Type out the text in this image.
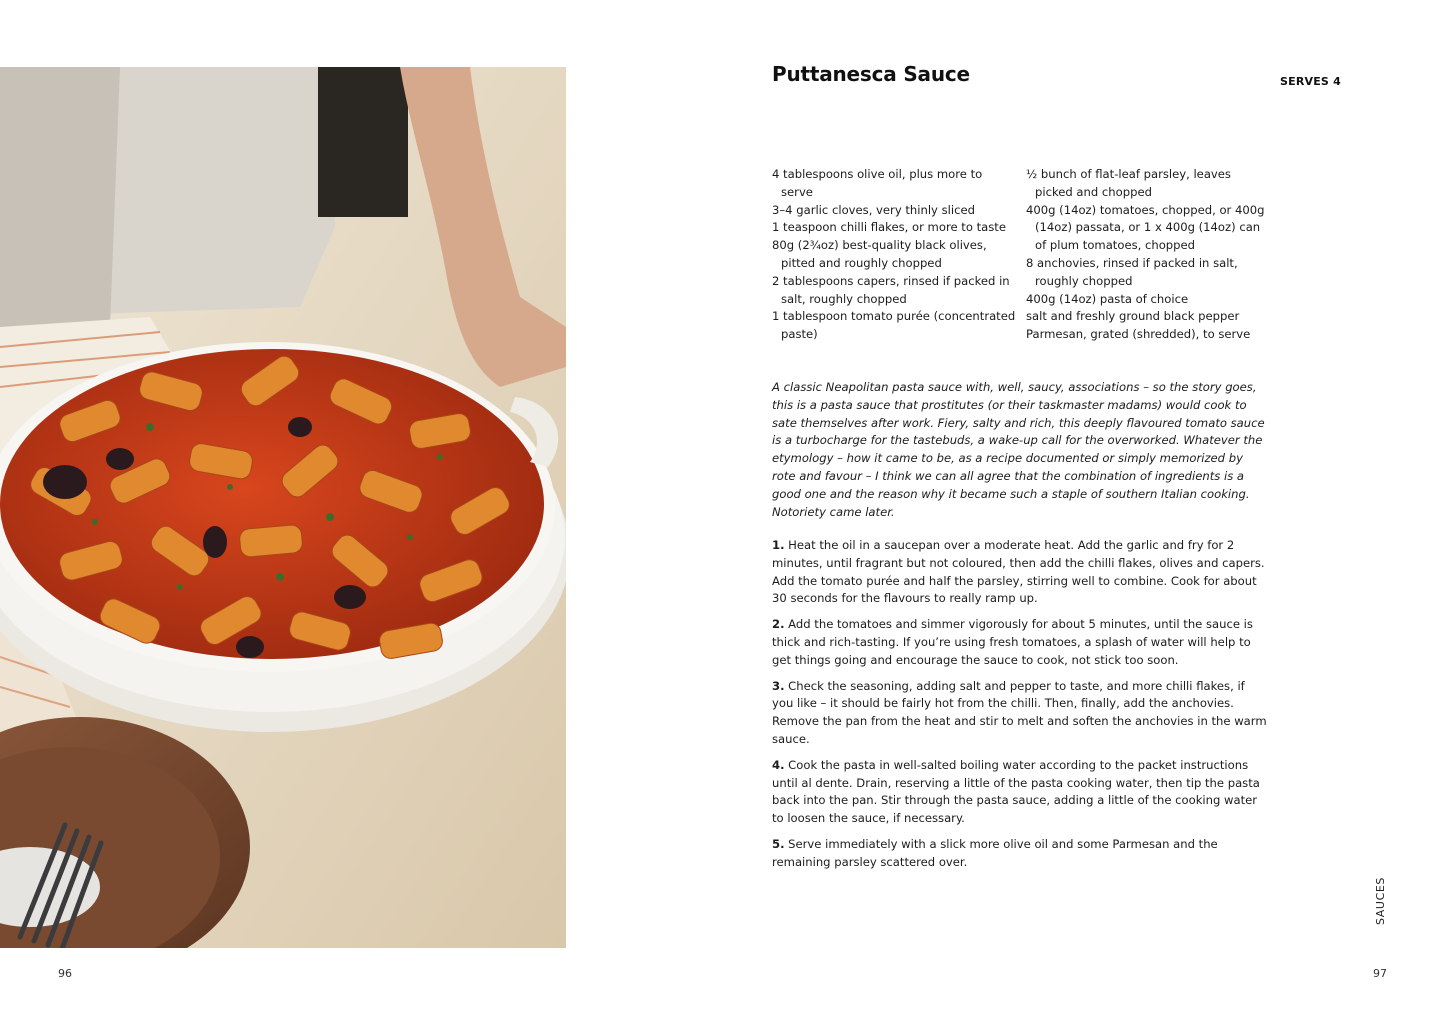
Puttanesca Sauce	SERVES 4
4 tablespoons olive oil, plus more to serve
3–4 garlic cloves, very thinly sliced
1 teaspoon chilli flakes, or more to taste
80g (2¾oz) best-quality black olives, pitted and roughly chopped
2 tablespoons capers, rinsed if packed in salt, roughly chopped
1 tablespoon tomato purée (concentrated paste)
½ bunch of flat-leaf parsley, leaves picked and chopped
400g (14oz) tomatoes, chopped, or 400g (14oz) passata, or 1 x 400g (14oz) can of plum tomatoes, chopped
8 anchovies, rinsed if packed in salt, roughly chopped
400g (14oz) pasta of choice
salt and freshly ground black pepper
Parmesan, grated (shredded), to serve

A classic Neapolitan pasta sauce with, well, saucy, associations – so the story goes, this is a pasta sauce that prostitutes (or their taskmaster madams) would cook to sate themselves after work. Fiery, salty and rich, this deeply flavoured tomato sauce is a turbocharge for the tastebuds, a wake-up call for the overworked. Whatever the etymology – how it came to be, as a recipe documented or simply memorized by rote and favour – I think we can all agree that the combination of ingredients is a good one and the reason why it became such a staple of southern Italian cooking. Notoriety came later.

1. Heat the oil in a saucepan over a moderate heat. Add the garlic and fry for 2 minutes, until fragrant but not coloured, then add the chilli flakes, olives and capers. Add the tomato purée and half the parsley, stirring well to combine. Cook for about 30 seconds for the flavours to really ramp up.

2. Add the tomatoes and simmer vigorously for about 5 minutes, until the sauce is thick and rich-tasting. If you’re using fresh tomatoes, a splash of water will help to get things going and encourage the sauce to cook, not stick too soon.

3. Check the seasoning, adding salt and pepper to taste, and more chilli flakes, if you like – it should be fairly hot from the chilli. Then, finally, add the anchovies. Remove the pan from the heat and stir to melt and soften the anchovies in the warm sauce.

4. Cook the pasta in well-salted boiling water according to the packet instructions until al dente. Drain, reserving a little of the pasta cooking water, then tip the pasta back into the pan. Stir through the pasta sauce, adding a little of the cooking water to loosen the sauce, if necessary.

5. Serve immediately with a slick more olive oil and some Parmesan and the remaining parsley scattered over.

SAUCES
96	97
